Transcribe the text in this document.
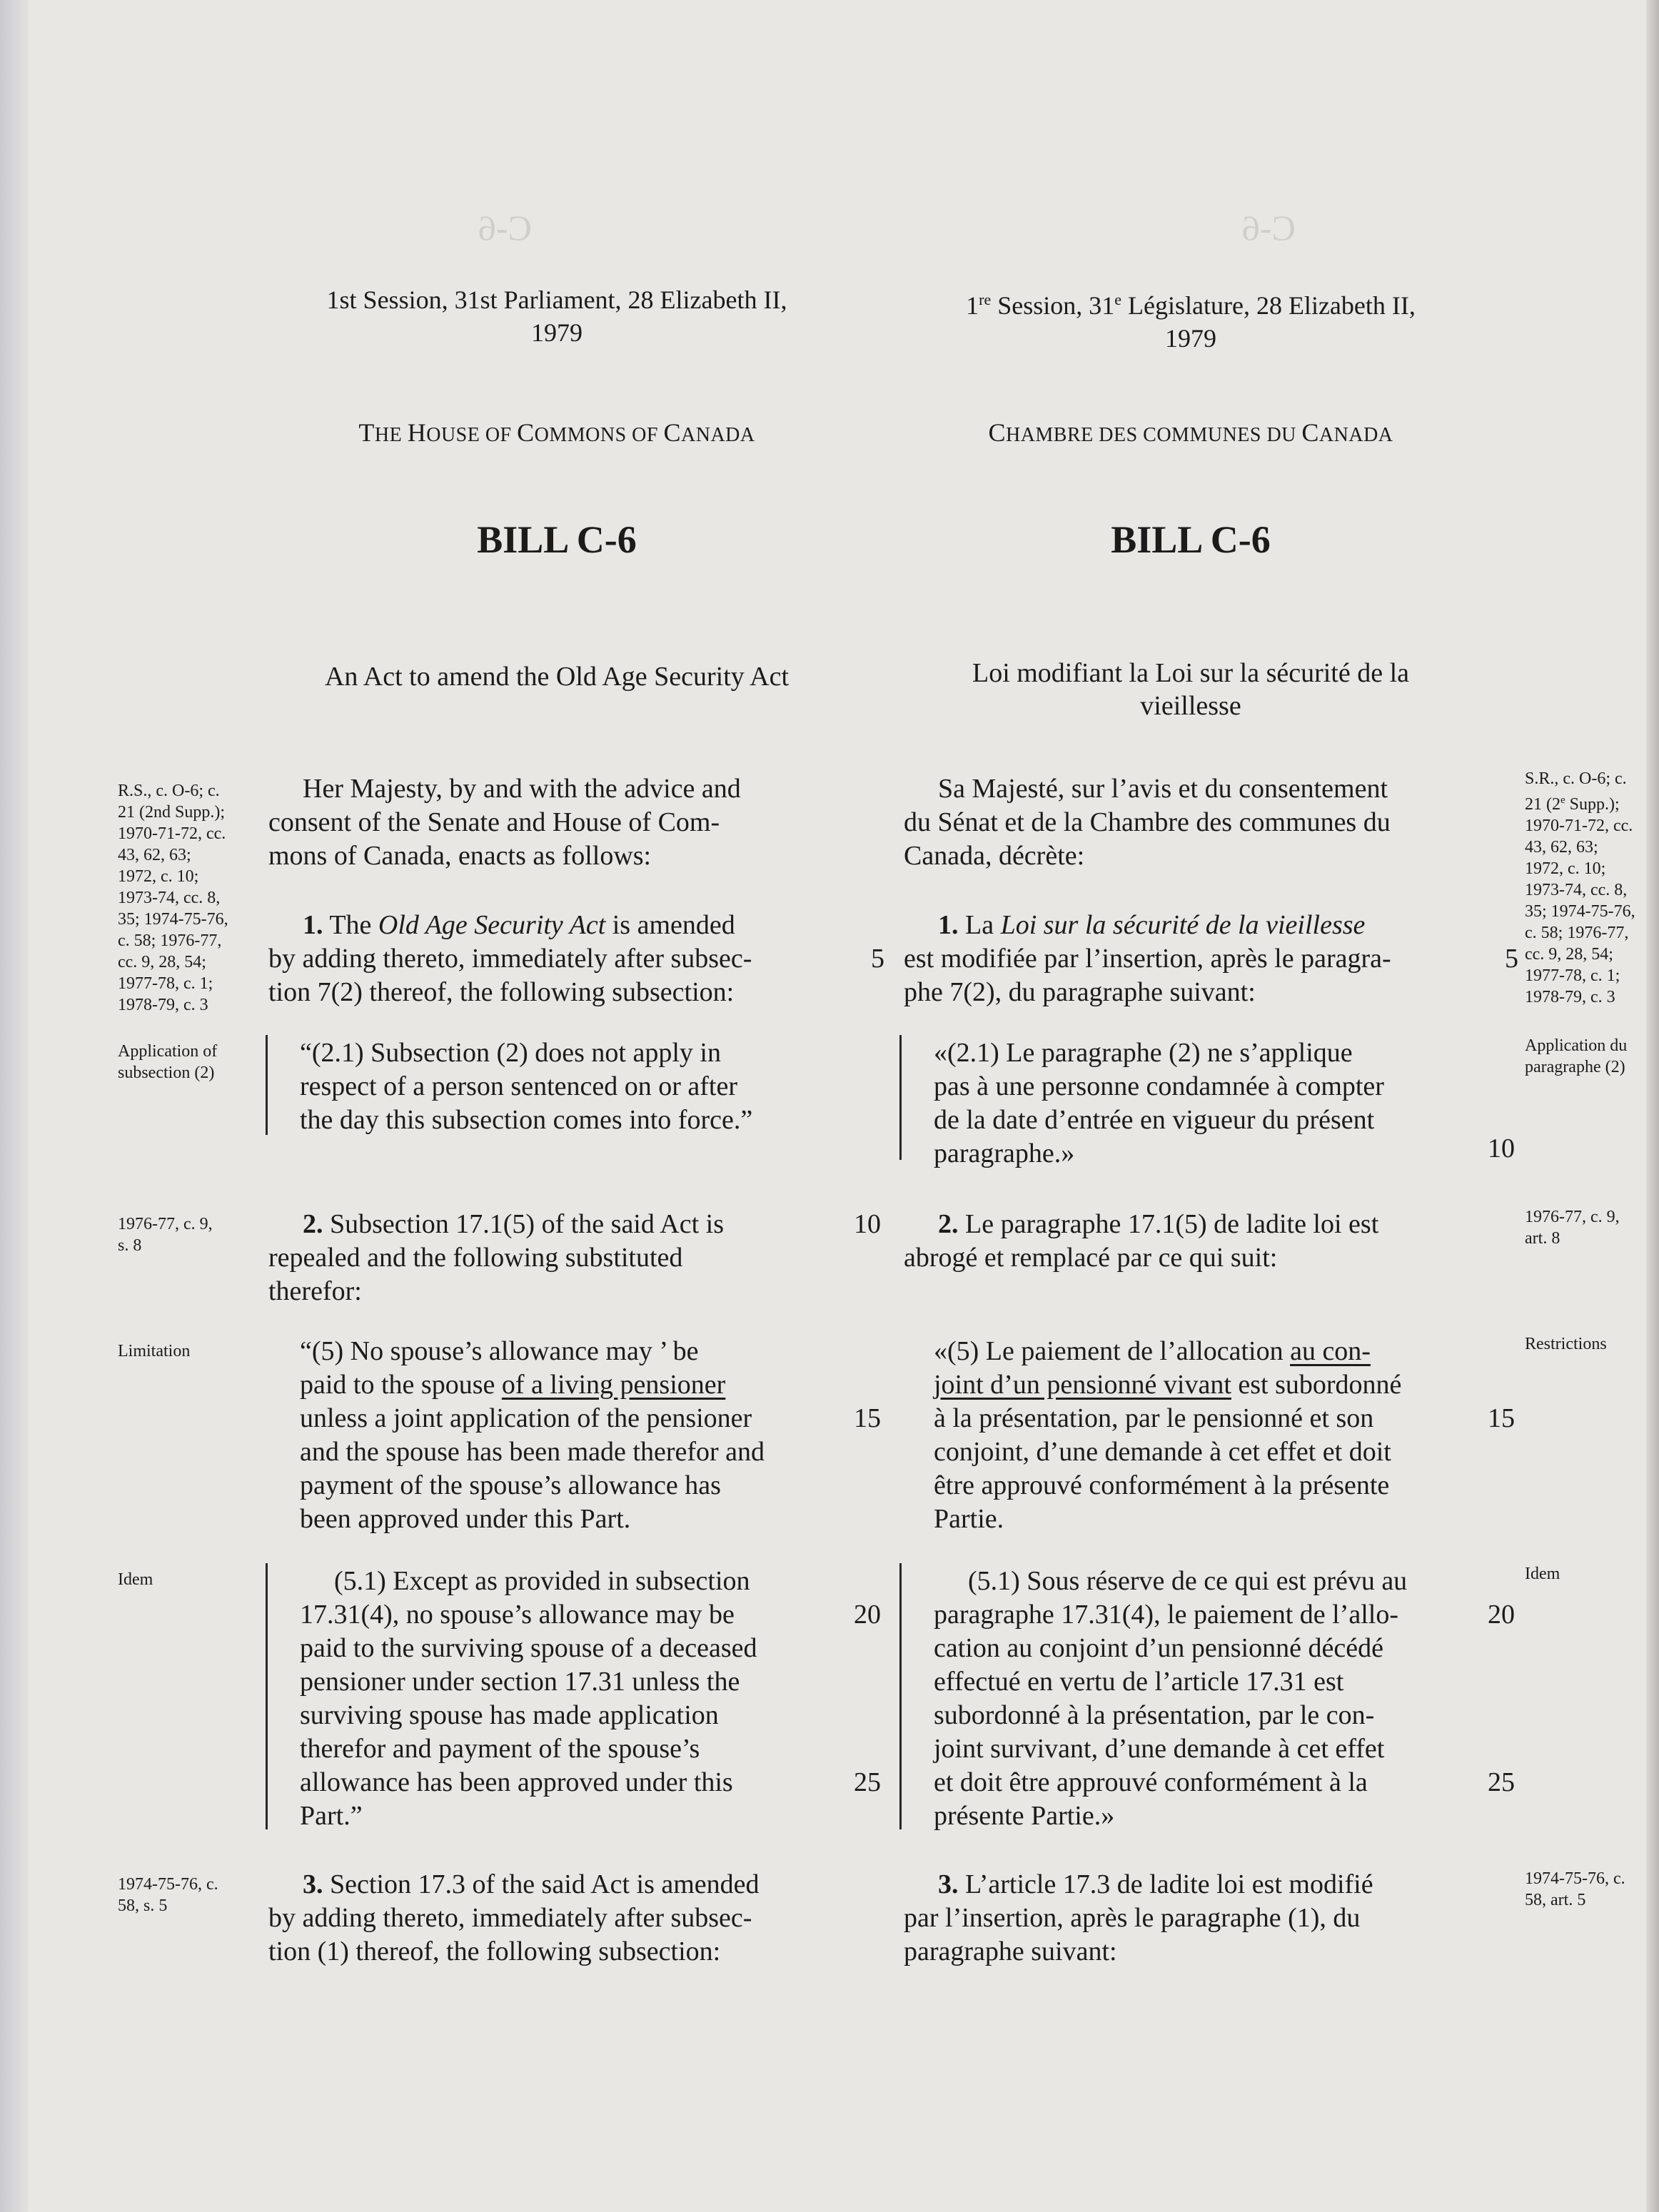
C-6
C-6
1st Session, 31st Parliament, 28 Elizabeth II,
1979
THE HOUSE OF COMMONS OF CANADA
BILL C-6
An Act to amend the Old Age Security Act
1re Session, 31e Législature, 28 Elizabeth II,
1979
CHAMBRE DES COMMUNES DU CANADA
BILL C-6
Loi modifiant la Loi sur la sécurité de la
vieillesse
R.S., c. O-6; c.
21 (2nd Supp.);
1970-71-72, cc.
43, 62, 63;
1972, c. 10;
1973-74, cc. 8,
35; 1974-75-76,
c. 58; 1976-77,
cc. 9, 28, 54;
1977-78, c. 1;
1978-79, c. 3
Application of
subsection (2)
1976-77, c. 9,
s. 8
Limitation
Idem
1974-75-76, c.
58, s. 5
Her Majesty, by and with the advice and
consent of the Senate and House of Com-
mons of Canada, enacts as follows:
1. The Old Age Security Act is amended
by adding thereto, immediately after subsec-
tion 7(2) thereof, the following subsection:
“(2.1) Subsection (2) does not apply in
respect of a person sentenced on or after
the day this subsection comes into force.”
2. Subsection 17.1(5) of the said Act is
repealed and the following substituted
therefor:
“(5) No spouse’s allowance may ’ be
paid to the spouse of a living pensioner
unless a joint application of the pensioner
and the spouse has been made therefor and
payment of the spouse’s allowance has
been approved under this Part.
(5.1) Except as provided in subsection
17.31(4), no spouse’s allowance may be
paid to the surviving spouse of a deceased
pensioner under section 17.31 unless the
surviving spouse has made application
therefor and payment of the spouse’s
allowance has been approved under this
Part.”
3. Section 17.3 of the said Act is amended
by adding thereto, immediately after subsec-
tion (1) thereof, the following subsection:
5
10
15
20
25
5
10
15
20
25
Sa Majesté, sur l’avis et du consentement
du Sénat et de la Chambre des communes du
Canada, décrète:
1. La Loi sur la sécurité de la vieillesse
est modifiée par l’insertion, après le paragra-
phe 7(2), du paragraphe suivant:
«(2.1) Le paragraphe (2) ne s’applique
pas à une personne condamnée à compter
de la date d’entrée en vigueur du présent
paragraphe.»
2. Le paragraphe 17.1(5) de ladite loi est
abrogé et remplacé par ce qui suit:
«(5) Le paiement de l’allocation au con-
joint d’un pensionné vivant est subordonné
à la présentation, par le pensionné et son
conjoint, d’une demande à cet effet et doit
être approuvé conformément à la présente
Partie.
(5.1) Sous réserve de ce qui est prévu au
paragraphe 17.31(4), le paiement de l’allo-
cation au conjoint d’un pensionné décédé
effectué en vertu de l’article 17.31 est
subordonné à la présentation, par le con-
joint survivant, d’une demande à cet effet
et doit être approuvé conformément à la
présente Partie.»
3. L’article 17.3 de ladite loi est modifié
par l’insertion, après le paragraphe (1), du
paragraphe suivant:
S.R., c. O-6; c.
21 (2e Supp.);
1970-71-72, cc.
43, 62, 63;
1972, c. 10;
1973-74, cc. 8,
35; 1974-75-76,
c. 58; 1976-77,
cc. 9, 28, 54;
1977-78, c. 1;
1978-79, c. 3
Application du
paragraphe (2)
1976-77, c. 9,
art. 8
Restrictions
Idem
1974-75-76, c.
58, art. 5
